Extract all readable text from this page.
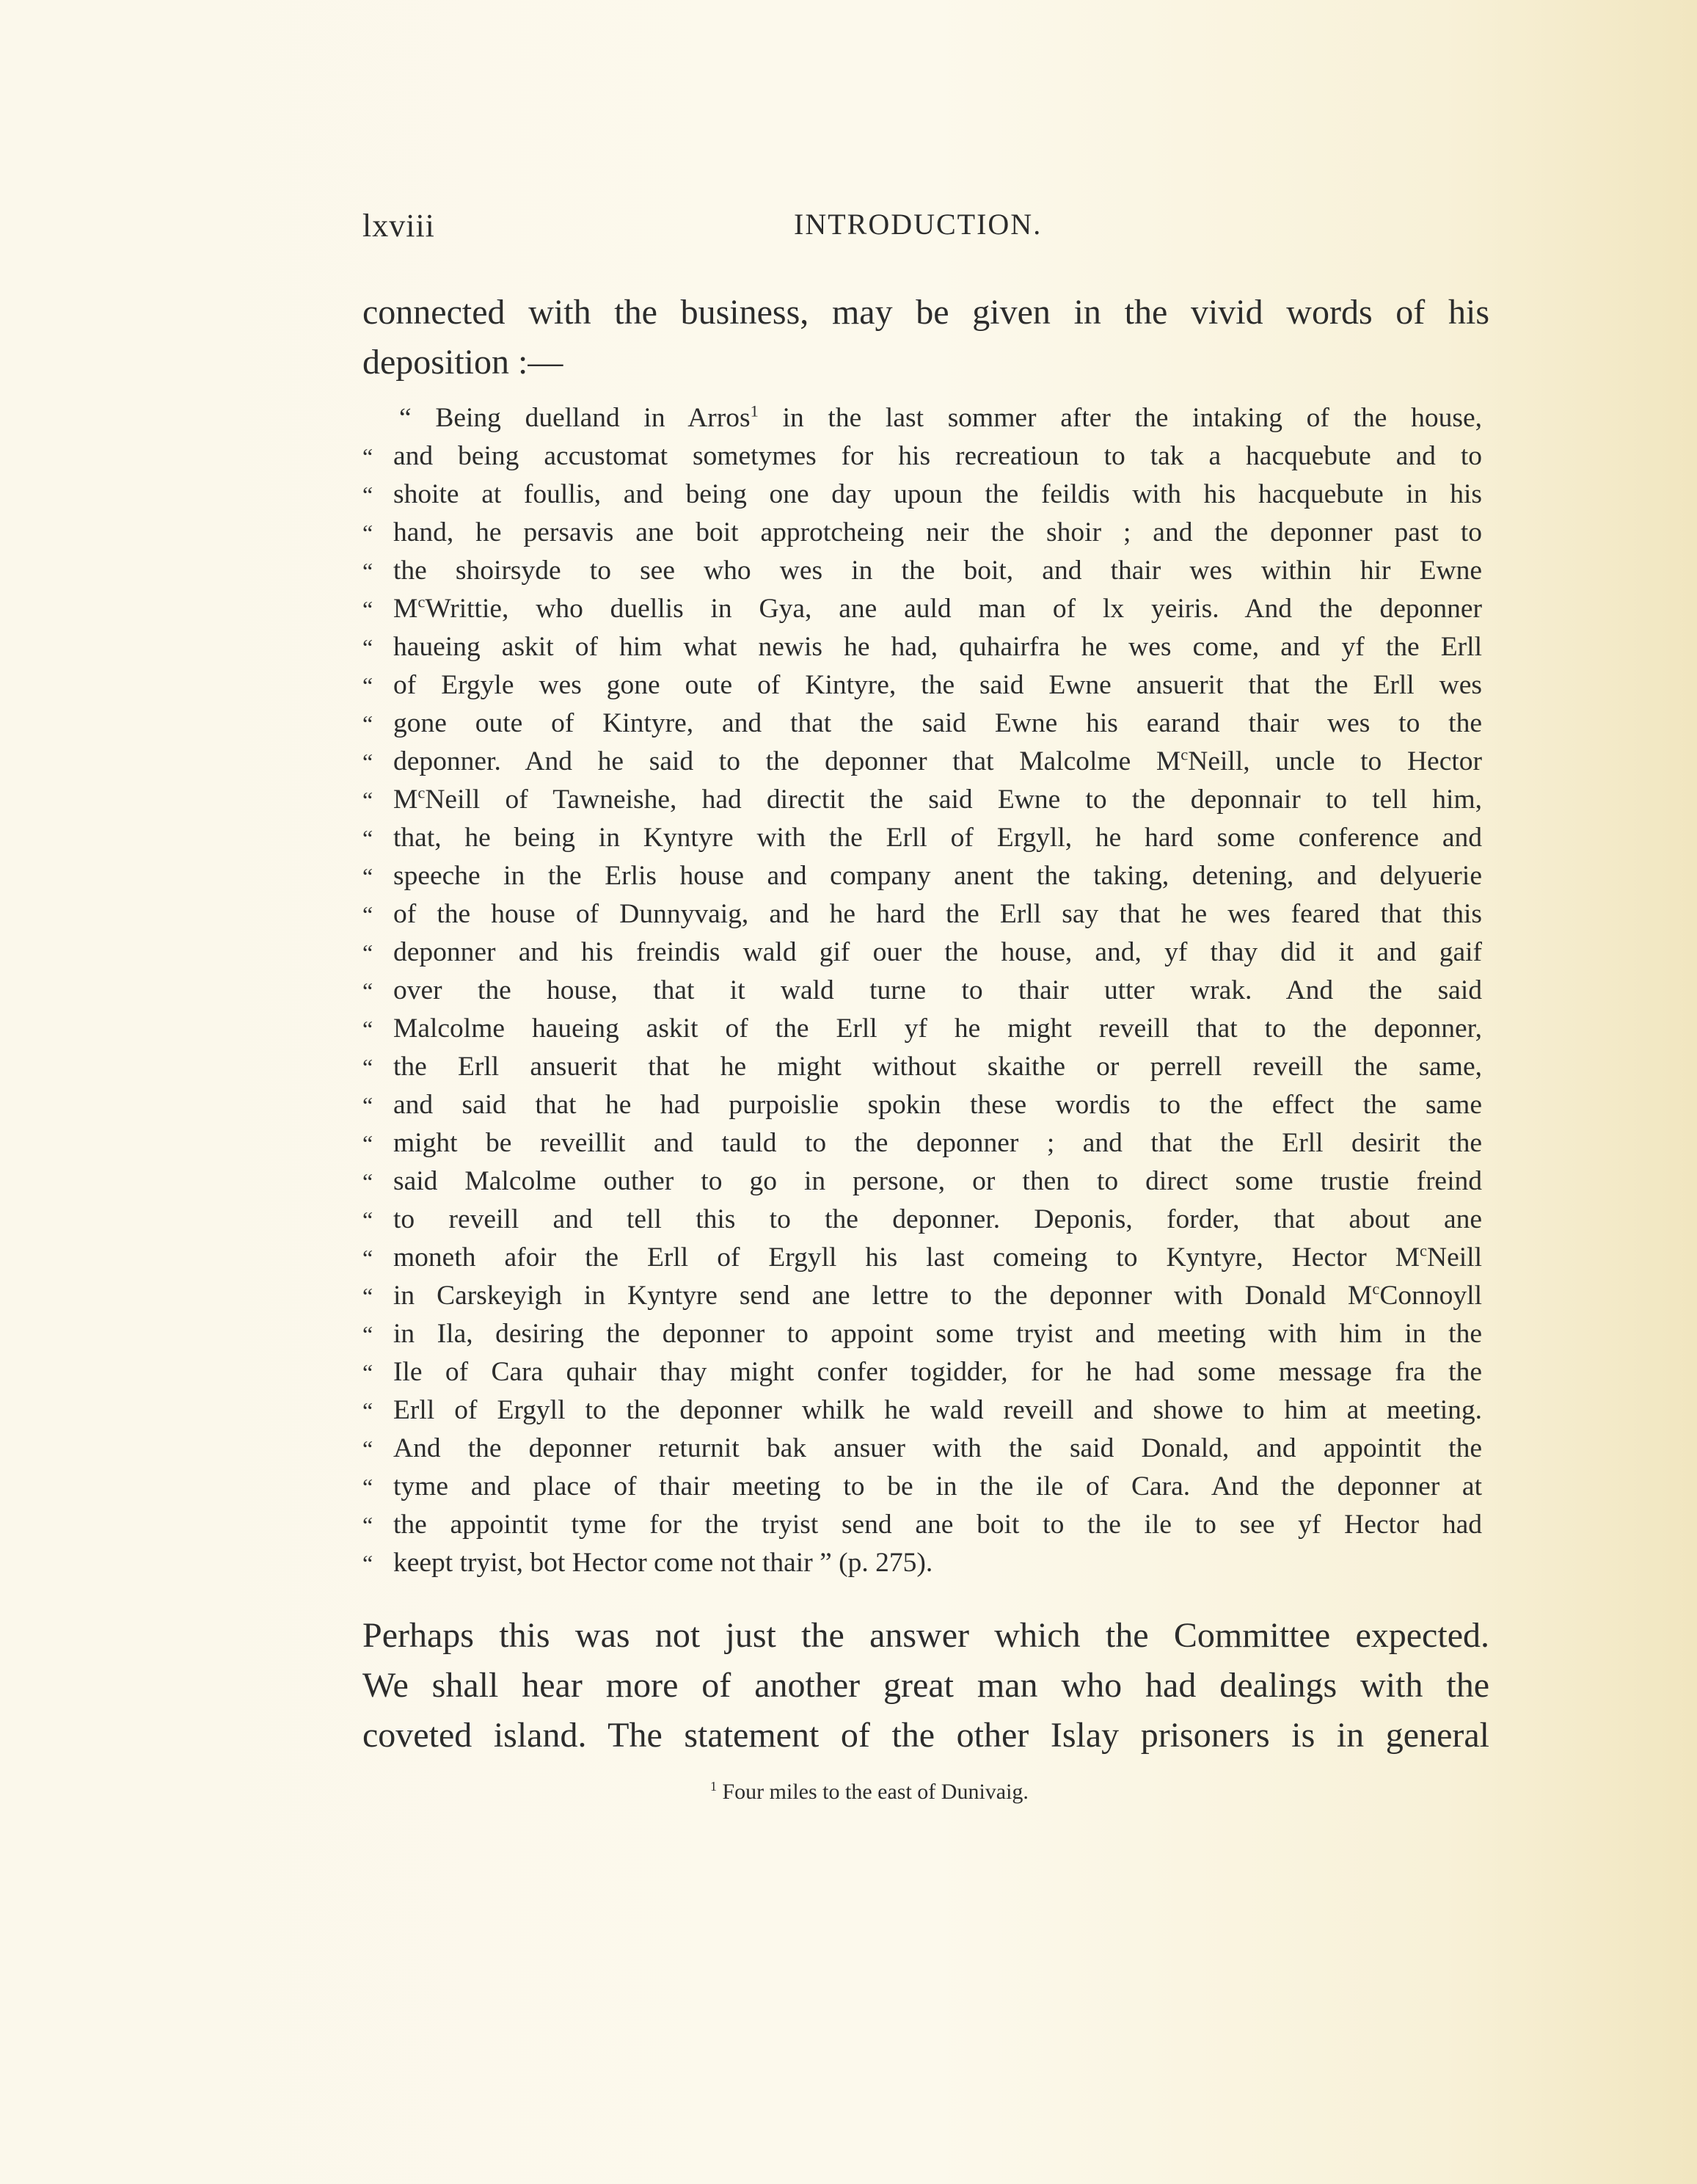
lxviii	INTRODUCTION.
connected with the business, may be given in the vivid words of his
deposition :—
“ Being duelland in Arros$^1$ in the last sommer after the intaking of the house,
“ and being accustomat sometymes for his recreatioun to tak a hacquebute and to
“ shoite at foullis, and being one day upoun the feildis with his hacquebute in his
“ hand, he persavis ane boit approtcheing neir the shoir ; and the deponner past to
“ the shoirsyde to see who wes in the boit, and thair wes within hir Ewne
“ $M^cWrittie$, who duellis in Gya, ane auld man of lx yeiris. And the deponner
“ haueing askit of him what newis he had, quhairfra he wes come, and yf the Erll
“ of Ergyle wes gone oute of Kintyre, the said Ewne ansuerit that the Erll wes
“ gone oute of Kintyre, and that the said Ewne his earand thair wes to the
“ deponner. And he said to the deponner that Malcolme $M^cNeill$, uncle to Hector
“ $M^cNeill$ of Tawneishe, had directit the said Ewne to the deponnair to tell him,
“ that, he being in Kyntyre with the Erll of Ergyll, he hard some conference and
“ speeche in the Erlis house and company anent the taking, detening, and delyuerie
“ of the house of Dunnyvaig, and he hard the Erll say that he wes feared that this
“ deponner and his freindis wald gif ouer the house, and, yf thay did it and gaif
“ over the house, that it wald turne to thair utter wrak. And the said
“ Malcolme haueing askit of the Erll yf he might reveill that to the deponner,
“ the Erll ansuerit that he might without skaithe or perrell reveill the same,
“ and said that he had purpoislie spokin these wordis to the effect the same
“ might be reveillit and tauld to the deponner ; and that the Erll desirit the
“ said Malcolme outher to go in persone, or then to direct some trustie freind
“ to reveill and tell this to the deponner. Deponis, forder, that about ane
“ moneth afoir the Erll of Ergyll his last comeing to Kyntyre, Hector $M^cNeill$
“ in Carskeyigh in Kyntyre send ane lettre to the deponner with Donald $M^cConnoyll$
“ in Ila, desiring the deponner to appoint some tryist and meeting with him in the
“ Ile of Cara quhair thay might confer togidder, for he had some message fra the
“ Erll of Ergyll to the deponner whilk he wald reveill and showe to him at meeting.
“ And the deponner returnit bak ansuer with the said Donald, and appointit the
“ tyme and place of thair meeting to be in the ile of Cara. And the deponner at
“ the appointit tyme for the tryist send ane boit to the ile to see yf Hector had
“ keept tryist, bot Hector come not thair ” (p. 275).
Perhaps this was not just the answer which the Committee expected.
We shall hear more of another great man who had dealings with the
coveted island. The statement of the other Islay prisoners is in general
$^1$ Four miles to the east of Dunivaig.
